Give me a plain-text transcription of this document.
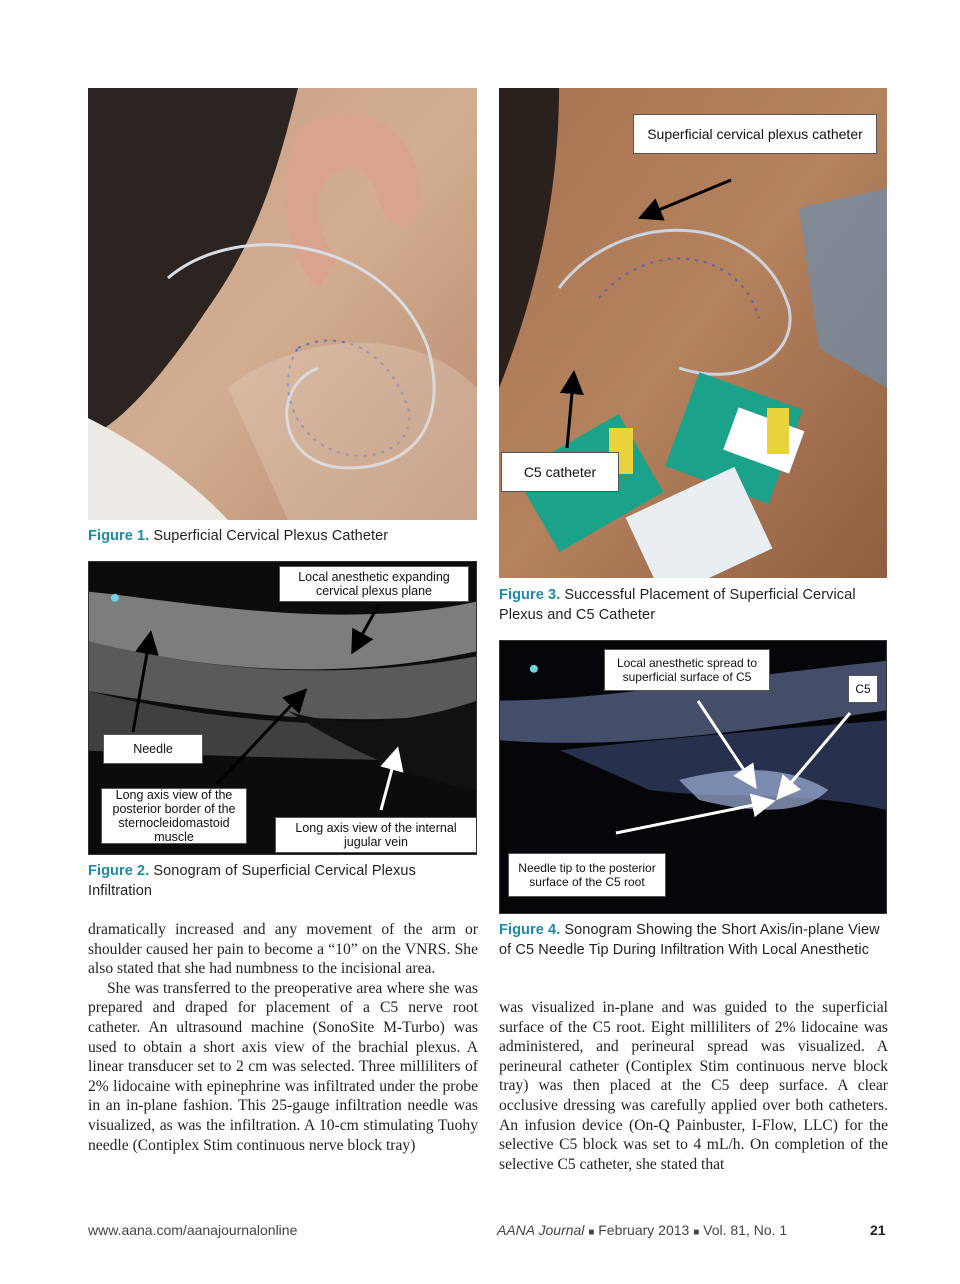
Figure 1. Superficial Cervical Plexus Catheter
Local anesthetic expanding cervical plexus plane
Needle
Long axis view of the posterior border of the sternocleidomastoid muscle
Long axis view of the internal jugular vein
Figure 2. Sonogram of Superficial Cervical Plexus Infiltration
Superficial cervical plexus catheter
C5 catheter
Figure 3. Successful Placement of Superficial Cervical Plexus and C5 Catheter
Local anesthetic spread to superficial surface of C5
C5
Needle tip to the posterior surface of the C5 root
Figure 4. Sonogram Showing the Short Axis/in-plane View of C5 Needle Tip During Infiltration With Local Anesthetic

dramatically increased and any movement of the arm or shoulder caused her pain to become a “10” on the VNRS. She also stated that she had numbness to the incisional area.

She was transferred to the preoperative area where she was prepared and draped for placement of a C5 nerve root catheter. An ultrasound machine (SonoSite M-Turbo) was used to obtain a short axis view of the brachial plexus. A linear transducer set to 2 cm was selected. Three milliliters of 2% lidocaine with epinephrine was infiltrated under the probe in an in-plane fashion. This 25-gauge infiltration needle was visualized, as was the infiltration. A 10-cm stimulating Tuohy needle (Contiplex Stim continuous nerve block tray)

was visualized in-plane and was guided to the superficial surface of the C5 root. Eight milliliters of 2% lidocaine was administered, and perineural spread was visualized. A perineural catheter (Contiplex Stim continuous nerve block tray) was then placed at the C5 deep surface. A clear occlusive dressing was carefully applied over both catheters. An infusion device (On-Q Painbuster, I-Flow, LLC) for the selective C5 block was set to 4 mL/h. On completion of the selective C5 catheter, she stated that

www.aana.com/aanajournalonline	AANA Journal ■ February 2013 ■ Vol. 81, No. 1	21
